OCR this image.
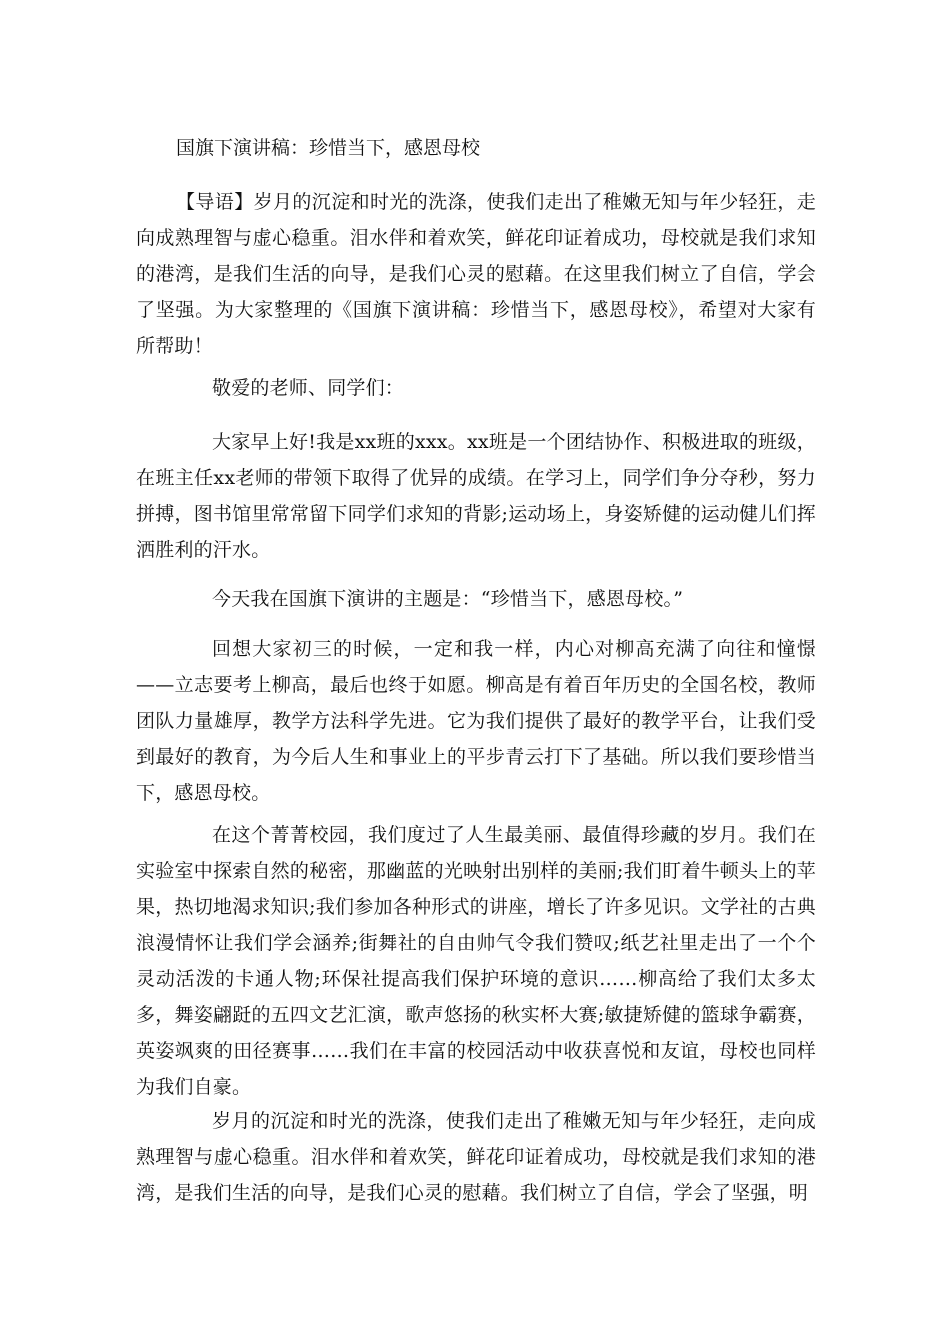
国旗下演讲稿：珍惜当下，感恩母校

【导语】岁月的沉淀和时光的洗涤，使我们走出了稚嫩无知与年少轻狂，走向成熟理智与虚心稳重。泪水伴和着欢笑，鲜花印证着成功，母校就是我们求知的港湾，是我们生活的向导，是我们心灵的慰藉。在这里我们树立了自信，学会了坚强。为大家整理的《国旗下演讲稿：珍惜当下，感恩母校》，希望对大家有所帮助！

敬爱的老师、同学们：

大家早上好!我是xx班的xxx。xx班是一个团结协作、积极进取的班级，在班主任xx老师的带领下取得了优异的成绩。在学习上，同学们争分夺秒，努力拼搏，图书馆里常常留下同学们求知的背影;运动场上，身姿矫健的运动健儿们挥洒胜利的汗水。

今天我在国旗下演讲的主题是：“珍惜当下，感恩母校。”

回想大家初三的时候，一定和我一样，内心对柳高充满了向往和憧憬——立志要考上柳高，最后也终于如愿。柳高是有着百年历史的全国名校，教师团队力量雄厚，教学方法科学先进。它为我们提供了最好的教学平台，让我们受到最好的教育，为今后人生和事业上的平步青云打下了基础。所以我们要珍惜当下，感恩母校。

在这个菁菁校园，我们度过了人生最美丽、最值得珍藏的岁月。我们在实验室中探索自然的秘密，那幽蓝的光映射出别样的美丽;我们盯着牛顿头上的苹果，热切地渴求知识;我们参加各种形式的讲座，增长了许多见识。文学社的古典浪漫情怀让我们学会涵养;街舞社的自由帅气令我们赞叹;纸艺社里走出了一个个灵动活泼的卡通人物;环保社提高我们保护环境的意识……柳高给了我们太多太多，舞姿翩跹的五四文艺汇演，歌声悠扬的秋实杯大赛;敏捷矫健的篮球争霸赛，英姿飒爽的田径赛事……我们在丰富的校园活动中收获喜悦和友谊，母校也同样为我们自豪。

岁月的沉淀和时光的洗涤，使我们走出了稚嫩无知与年少轻狂，走向成熟理智与虚心稳重。泪水伴和着欢笑，鲜花印证着成功，母校就是我们求知的港湾，是我们生活的向导，是我们心灵的慰藉。我们树立了自信，学会了坚强，明
